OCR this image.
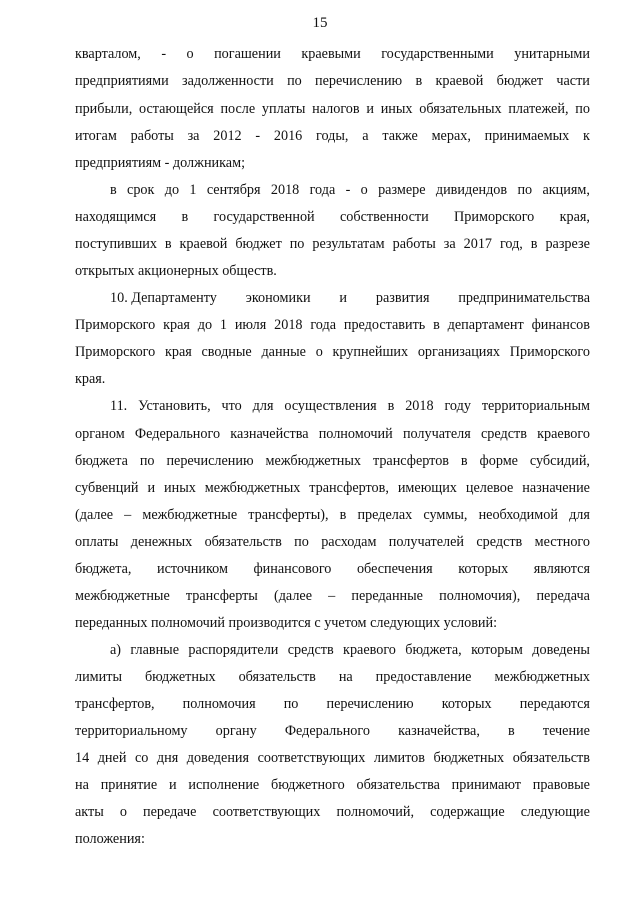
15
кварталом, - о погашении краевыми государственными унитарными
предприятиями задолженности по перечислению в краевой бюджет части
прибыли, остающейся после уплаты налогов и иных обязательных платежей, по
итогам работы за 2012 - 2016 годы, а также мерах, принимаемых к
предприятиям - должникам;
в срок до 1 сентября 2018 года - о размере дивидендов по акциям,
находящимся в государственной собственности Приморского края,
поступивших в краевой бюджет по результатам работы за 2017 год, в разрезе
открытых акционерных обществ.
10. Департаменту экономики и развития предпринимательства
Приморского края до 1 июля 2018 года предоставить в департамент финансов
Приморского края сводные данные о крупнейших организациях Приморского
края.
11. Установить, что для осуществления в 2018 году территориальным
органом Федерального казначейства полномочий получателя средств краевого
бюджета по перечислению межбюджетных трансфертов в форме субсидий,
субвенций и иных межбюджетных трансфертов, имеющих целевое назначение
(далее – межбюджетные трансферты), в пределах суммы, необходимой для
оплаты денежных обязательств по расходам получателей средств местного
бюджета, источником финансового обеспечения которых являются
межбюджетные трансферты (далее – переданные полномочия), передача
переданных полномочий производится с учетом следующих условий:
а) главные распорядители средств краевого бюджета, которым доведены
лимиты бюджетных обязательств на предоставление межбюджетных
трансфертов, полномочия по перечислению которых передаются
территориальному органу Федерального казначейства, в течение
14 дней со дня доведения соответствующих лимитов бюджетных обязательств
на принятие и исполнение бюджетного обязательства принимают правовые
акты о передаче соответствующих полномочий, содержащие следующие
положения:
